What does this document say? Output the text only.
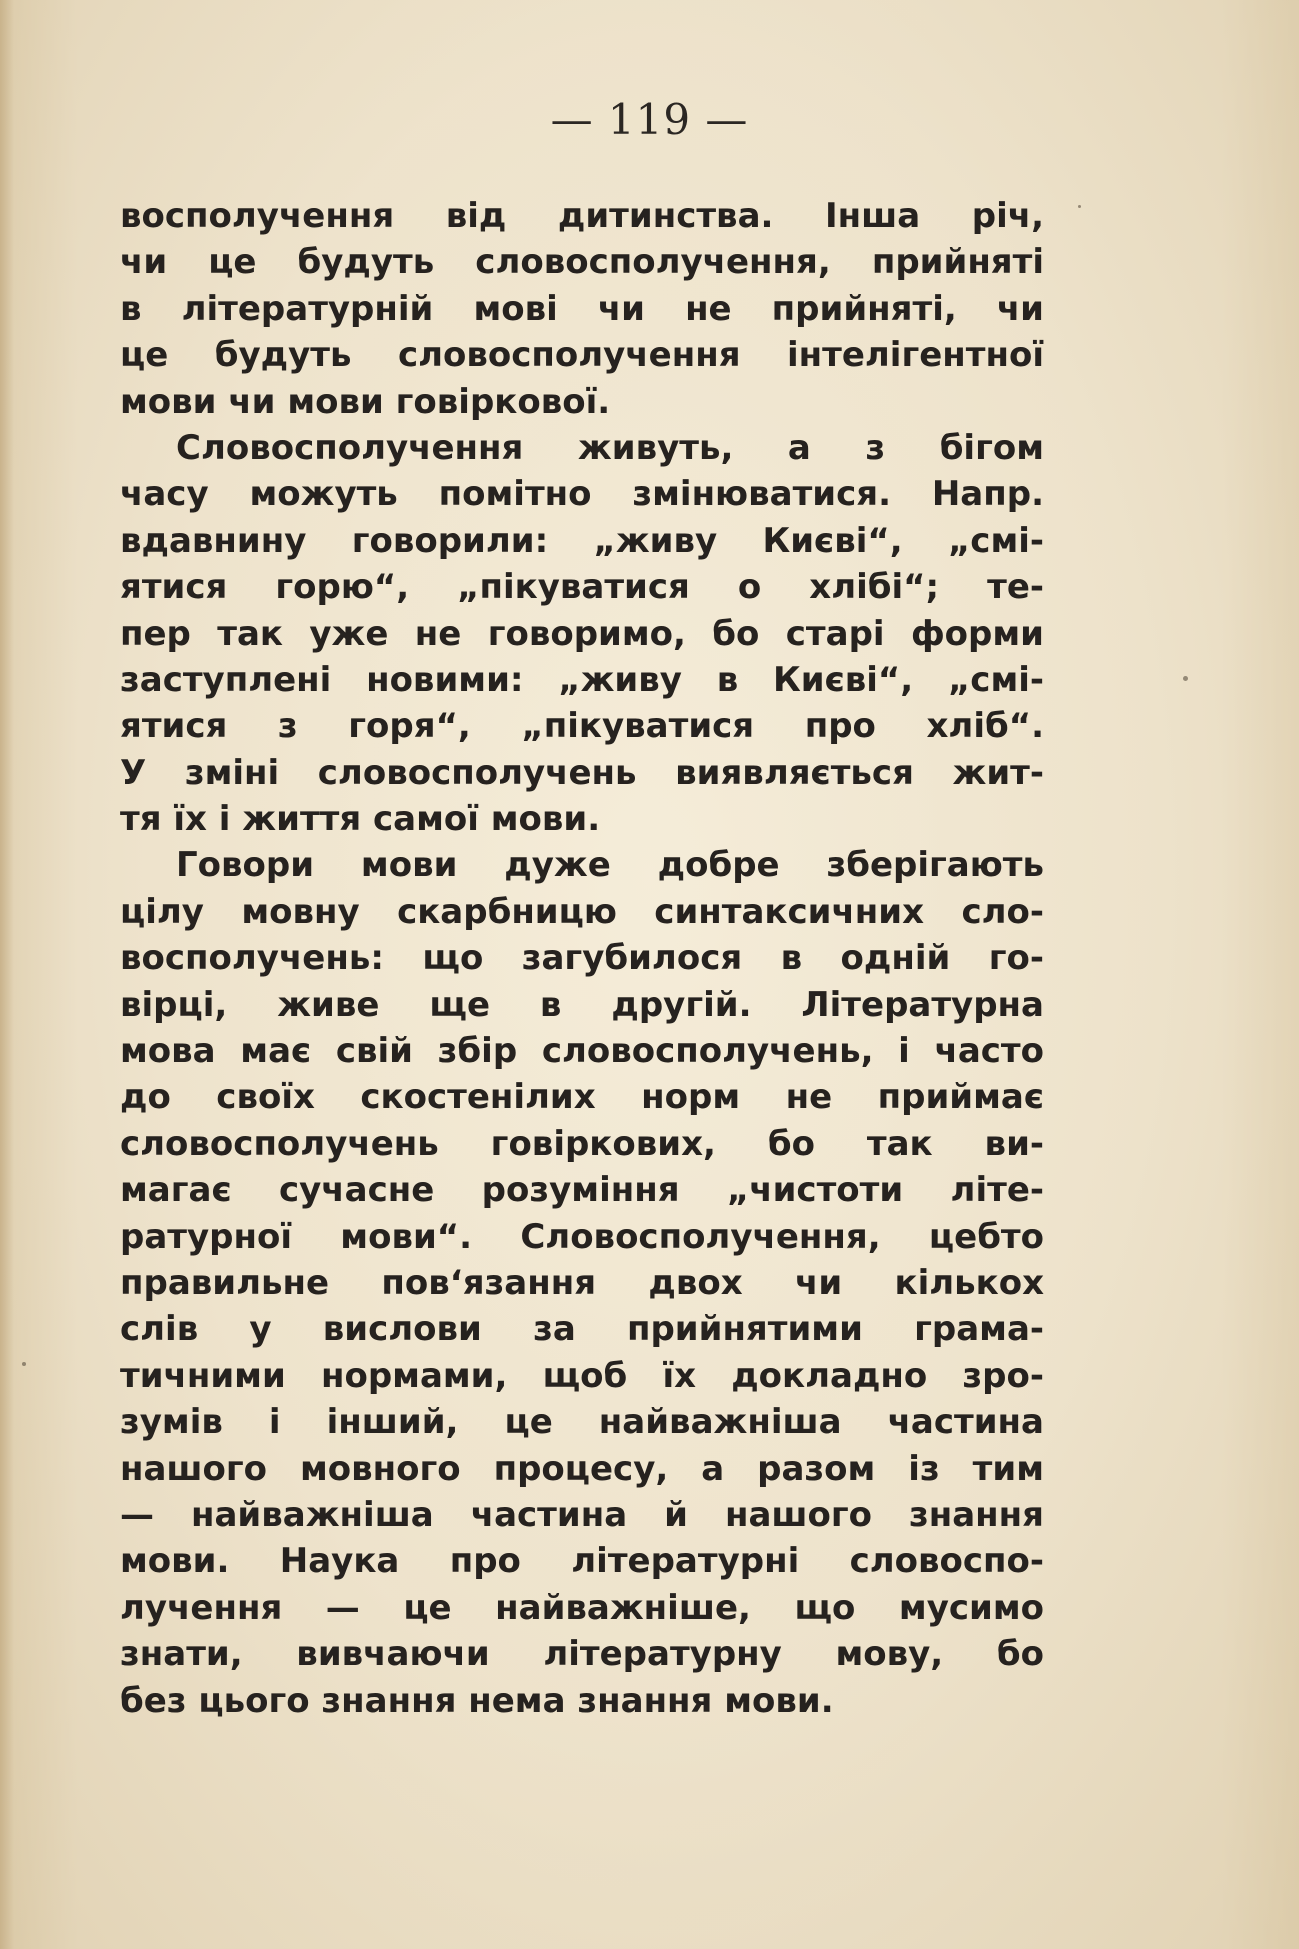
— 119 —
восполучення від дитинства. Інша річ,
чи це будуть словосполучення, прийняті
в літературній мові чи не прийняті, чи
це будуть словосполучення інтелігентної
мови чи мови говіркової.
Словосполучення живуть, а з бігом
часу можуть помітно змінюватися. Напр.
вдавнину говорили: „живу Києві“, „смі-
ятися горю“, „пікуватися о хлібі“; те-
пер так уже не говоримо, бо старі форми
заступлені новими: „живу в Києві“, „смі-
ятися з горя“, „пікуватися про хліб“.
У зміні словосполучень виявляється жит-
тя їх і життя самої мови.
Говори мови дуже добре зберігають
цілу мовну скарбницю синтаксичних сло-
восполучень: що загубилося в одній го-
вірці, живе ще в другій. Літературна
мова має свій збір словосполучень, і часто
до своїх скостенілих норм не приймає
словосполучень говіркових, бо так ви-
магає сучасне розуміння „чистоти літе-
ратурної мови“. Словосполучення, цебто
правильне пов‘язання двох чи кількох
слів у вислови за прийнятими грама-
тичними нормами, щоб їх докладно зро-
зумів і інший, це найважніша частина
нашого мовного процесу, а разом із тим
— найважніша частина й нашого знання
мови. Наука про літературні словоспо-
лучення — це найважніше, що мусимо
знати, вивчаючи літературну мову, бо
без цього знання нема знання мови.
